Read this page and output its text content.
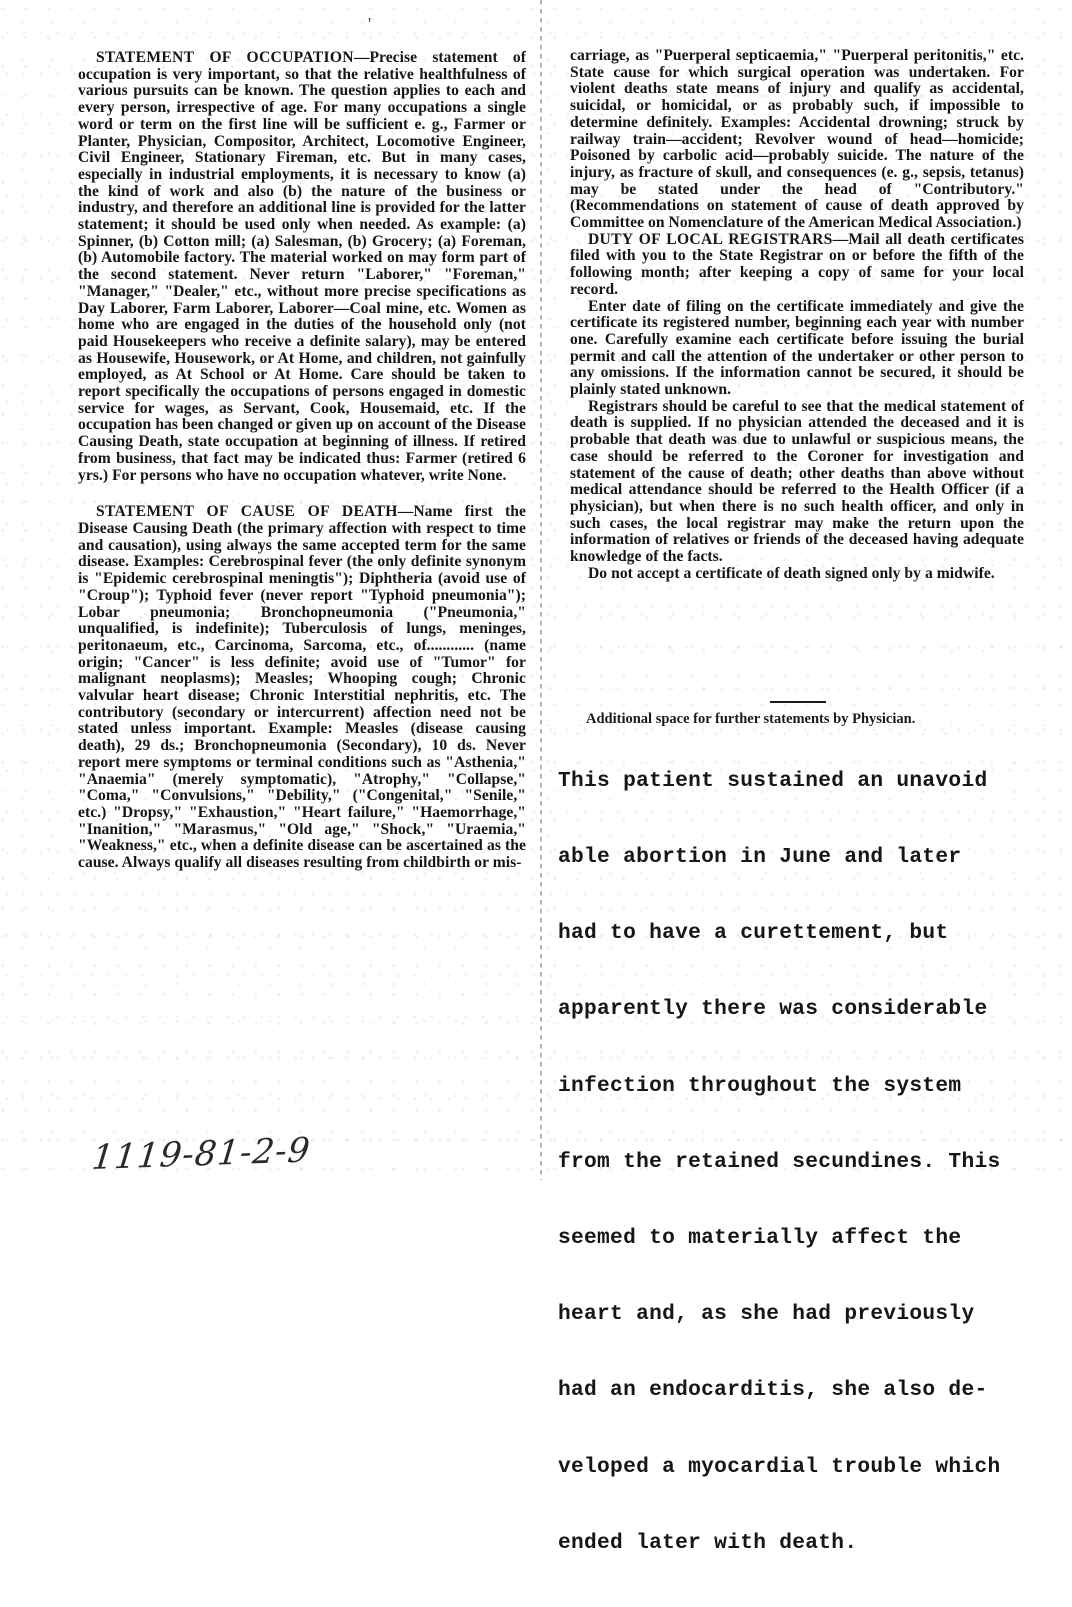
'

STATEMENT OF OCCUPATION—Precise statement of occupation is very important, so that the relative healthfulness of various pursuits can be known. The question applies to each and every person, irrespective of age. For many occupations a single word or term on the first line will be sufficient e. g., Farmer or Planter, Physician, Compositor, Architect, Locomotive Engineer, Civil Engineer, Stationary Fireman, etc. But in many cases, especially in industrial employments, it is necessary to know (a) the kind of work and also (b) the nature of the business or industry, and therefore an additional line is provided for the latter statement; it should be used only when needed. As example: (a) Spinner, (b) Cotton mill; (a) Salesman, (b) Grocery; (a) Foreman, (b) Automobile factory. The material worked on may form part of the second statement. Never return "Laborer," "Foreman," "Manager," "Dealer," etc., without more precise specifications as Day Laborer, Farm Laborer, Laborer—Coal mine, etc. Women as home who are engaged in the duties of the household only (not paid Housekeepers who receive a definite salary), may be entered as Housewife, Housework, or At Home, and children, not gainfully employed, as At School or At Home. Care should be taken to report specifically the occupations of persons engaged in domestic service for wages, as Servant, Cook, Housemaid, etc. If the occupation has been changed or given up on account of the Disease Causing Death, state occupation at beginning of illness. If retired from business, that fact may be indicated thus: Farmer (retired 6 yrs.) For persons who have no occupation whatever, write None.

STATEMENT OF CAUSE OF DEATH—Name first the Disease Causing Death (the primary affection with respect to time and causation), using always the same accepted term for the same disease. Examples: Cerebrospinal fever (the only definite synonym is "Epidemic cerebrospinal meningtis"); Diphtheria (avoid use of "Croup"); Typhoid fever (never report "Typhoid pneumonia"); Lobar pneumonia; Bronchopneumonia ("Pneumonia," unqualified, is indefinite); Tuberculosis of lungs, meninges, peritonaeum, etc., Carcinoma, Sarcoma, etc., of............ (name origin; "Cancer" is less definite; avoid use of "Tumor" for malignant neoplasms); Measles; Whooping cough; Chronic valvular heart disease; Chronic Interstitial nephritis, etc. The contributory (secondary or intercurrent) affection need not be stated unless important. Example: Measles (disease causing death), 29 ds.; Bronchopneumonia (Secondary), 10 ds. Never report mere symptoms or terminal conditions such as "Asthenia," "Anaemia" (merely symptomatic), "Atrophy," "Collapse," "Coma," "Convulsions," "Debility," ("Congenital," "Senile," etc.) "Dropsy," "Exhaustion," "Heart failure," "Haemorrhage," "Inanition," "Marasmus," "Old age," "Shock," "Uraemia," "Weakness," etc., when a definite disease can be ascertained as the cause. Always qualify all diseases resulting from childbirth or mis-

carriage, as "Puerperal septicaemia," "Puerperal peritonitis," etc. State cause for which surgical operation was undertaken. For violent deaths state means of injury and qualify as accidental, suicidal, or homicidal, or as probably such, if impossible to determine definitely. Examples: Accidental drowning; struck by railway train—accident; Revolver wound of head—homicide; Poisoned by carbolic acid—probably suicide. The nature of the injury, as fracture of skull, and consequences (e. g., sepsis, tetanus) may be stated under the head of "Contributory." (Recommendations on statement of cause of death approved by Committee on Nomenclature of the American Medical Association.)

DUTY OF LOCAL REGISTRARS—Mail all death certificates filed with you to the State Registrar on or before the fifth of the following month; after keeping a copy of same for your local record.

Enter date of filing on the certificate immediately and give the certificate its registered number, beginning each year with number one. Carefully examine each certificate before issuing the burial permit and call the attention of the undertaker or other person to any omissions. If the information cannot be secured, it should be plainly stated unknown.

Registrars should be careful to see that the medical statement of death is supplied. If no physician attended the deceased and it is probable that death was due to unlawful or suspicious means, the case should be referred to the Coroner for investigation and statement of the cause of death; other deaths than above without medical attendance should be referred to the Health Officer (if a physician), but when there is no such health officer, and only in such cases, the local registrar may make the return upon the information of relatives or friends of the deceased having adequate knowledge of the facts.

Do not accept a certificate of death signed only by a midwife.

Additional space for further statements by Physician.

This patient sustained an unavoid

able abortion in June and later

had to have a curettement, but

apparently there was considerable

infection throughout the system

from the retained secundines. This

seemed to materially affect the

heart and, as she had previously

had an endocarditis, she also de-

veloped a myocardial trouble which

ended later with death.

1119-81-2-9
